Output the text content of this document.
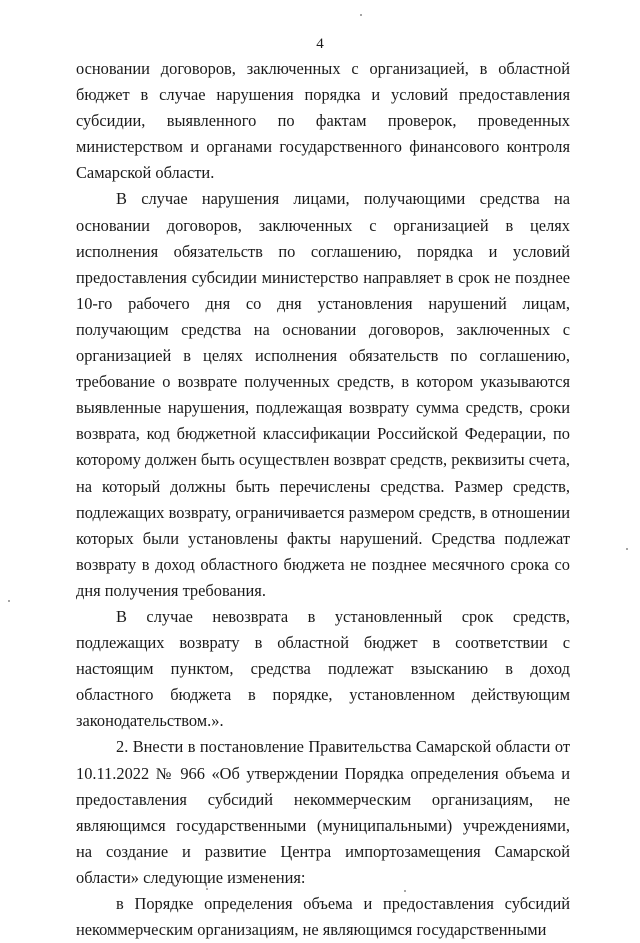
4

основании договоров, заключенных с организацией, в областной бюджет в случае нарушения порядка и условий предоставления субсидии, выявленного по фактам проверок, проведенных министерством и органами государственного финансового контроля Самарской области.

В случае нарушения лицами, получающими средства на основании договоров, заключенных с организацией в целях исполнения обязательств по соглашению, порядка и условий предоставления субсидии министерство направляет в срок не позднее 10-го рабочего дня со дня установления нарушений лицам, получающим средства на основании договоров, заключенных с организацией в целях исполнения обязательств по соглашению, требование о возврате полученных средств, в котором указываются выявленные нарушения, подлежащая возврату сумма средств, сроки возврата, код бюджетной классификации Российской Федерации, по которому должен быть осуществлен возврат средств, реквизиты счета, на который должны быть перечислены средства. Размер средств, подлежащих возврату, ограничивается размером средств, в отношении которых были установлены факты нарушений. Средства подлежат возврату в доход областного бюджета не позднее месячного срока со дня получения требования.

В случае невозврата в установленный срок средств, подлежащих возврату в областной бюджет в соответствии с настоящим пунктом, средства подлежат взысканию в доход областного бюджета в порядке, установленном действующим законодательством.».

2. Внести в постановление Правительства Самарской области от 10.11.2022 № 966 «Об утверждении Порядка определения объема и предоставления субсидий некоммерческим организациям, не являющимся государственными (муниципальными) учреждениями, на создание и развитие Центра импортозамещения Самарской области» следующие изменения:

в Порядке определения объема и предоставления субсидий некоммерческим организациям, не являющимся государственными
